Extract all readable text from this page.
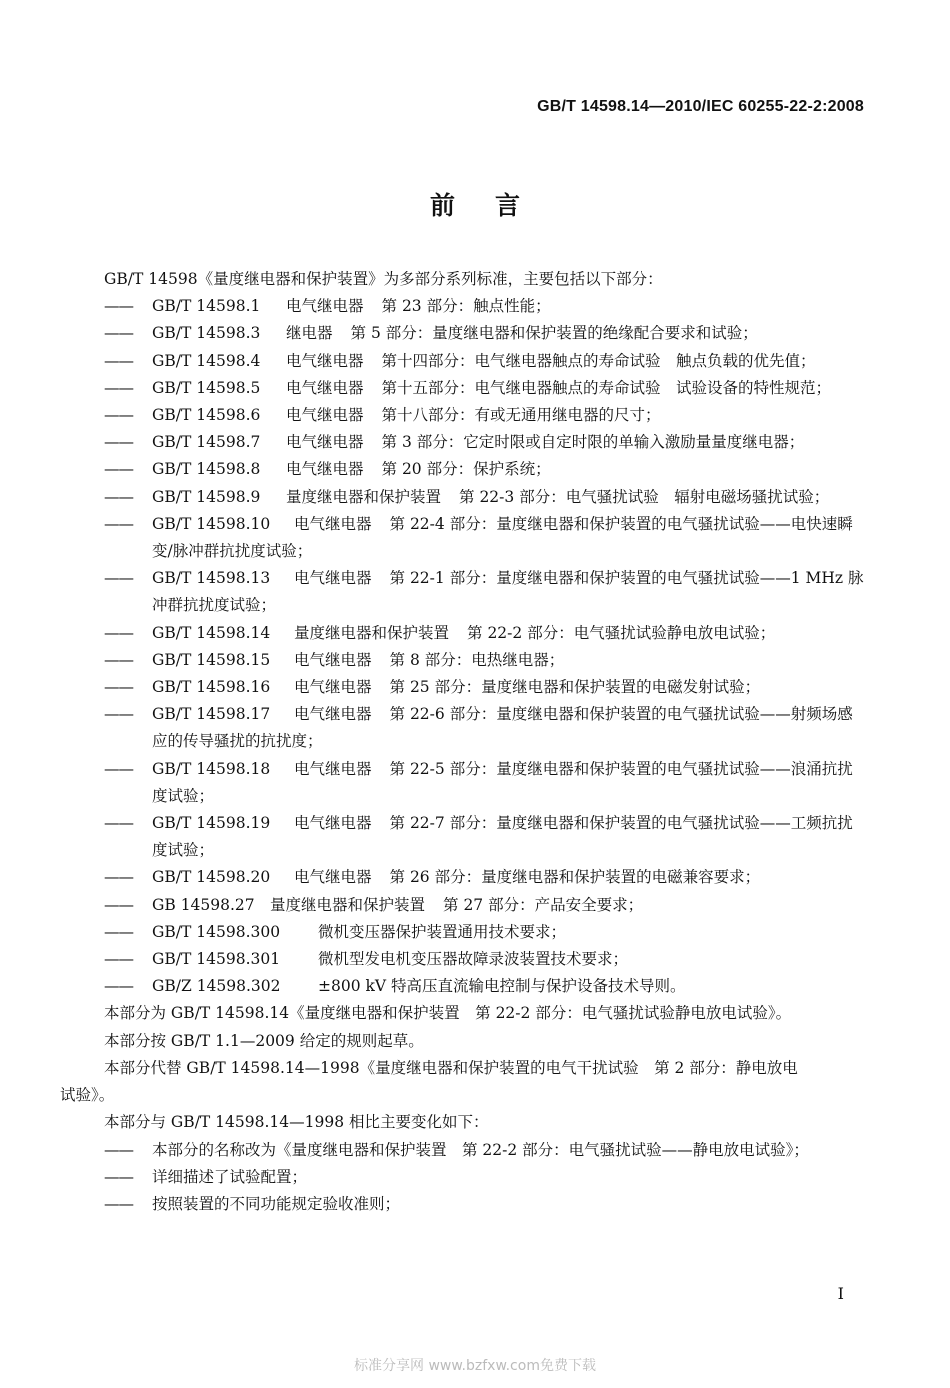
GB/T 14598.14—2010/IEC 60255-22-2:2008
前言

GB/T 14598《量度继电器和保护装置》为多部分系列标准，主要包括以下部分：

——	GB/T 14598.1 电气继电器 第 23 部分：触点性能；
——	GB/T 14598.3 继电器 第 5 部分：量度继电器和保护装置的绝缘配合要求和试验；
——	GB/T 14598.4 电气继电器 第十四部分：电气继电器触点的寿命试验　触点负载的优先值；
——	GB/T 14598.5 电气继电器 第十五部分：电气继电器触点的寿命试验　试验设备的特性规范；
——	GB/T 14598.6 电气继电器 第十八部分：有或无通用继电器的尺寸；
——	GB/T 14598.7 电气继电器 第 3 部分：它定时限或自定时限的单输入激励量量度继电器；
——	GB/T 14598.8 电气继电器 第 20 部分：保护系统；
——	GB/T 14598.9 量度继电器和保护装置 第 22-3 部分：电气骚扰试验　辐射电磁场骚扰试验；
——	GB/T 14598.10 电气继电器 第 22-4 部分：量度继电器和保护装置的电气骚扰试验——电快速瞬变/脉冲群抗扰度试验；
——	GB/T 14598.13 电气继电器 第 22-1 部分：量度继电器和保护装置的电气骚扰试验——1 MHz 脉冲群抗扰度试验；
——	GB/T 14598.14 量度继电器和保护装置 第 22-2 部分：电气骚扰试验静电放电试验；
——	GB/T 14598.15 电气继电器 第 8 部分：电热继电器；
——	GB/T 14598.16 电气继电器 第 25 部分：量度继电器和保护装置的电磁发射试验；
——	GB/T 14598.17 电气继电器 第 22-6 部分：量度继电器和保护装置的电气骚扰试验——射频场感应的传导骚扰的抗扰度；
——	GB/T 14598.18 电气继电器 第 22-5 部分：量度继电器和保护装置的电气骚扰试验——浪涌抗扰度试验；
——	GB/T 14598.19 电气继电器 第 22-7 部分：量度继电器和保护装置的电气骚扰试验——工频抗扰度试验；
——	GB/T 14598.20 电气继电器 第 26 部分：量度继电器和保护装置的电磁兼容要求；
——	GB 14598.27 量度继电器和保护装置 第 27 部分：产品安全要求；
——	GB/T 14598.300 微机变压器保护装置通用技术要求；
——	GB/T 14598.301 微机型发电机变压器故障录波装置技术要求；
——	GB/Z 14598.302 ±800 kV 特高压直流输电控制与保护设备技术导则。

本部分为 GB/T 14598.14《量度继电器和保护装置　第 22-2 部分：电气骚扰试验静电放电试验》。

本部分按 GB/T 1.1—2009 给定的规则起草。

本部分代替 GB/T 14598.14—1998《量度继电器和保护装置的电气干扰试验　第 2 部分：静电放电

试验》。

本部分与 GB/T 14598.14—1998 相比主要变化如下：

——	本部分的名称改为《量度继电器和保护装置　第 22-2 部分：电气骚扰试验——静电放电试验》；
——	详细描述了试验配置；
——	按照装置的不同功能规定验收准则；
I
标准分享网 www.bzfxw.com免费下载
